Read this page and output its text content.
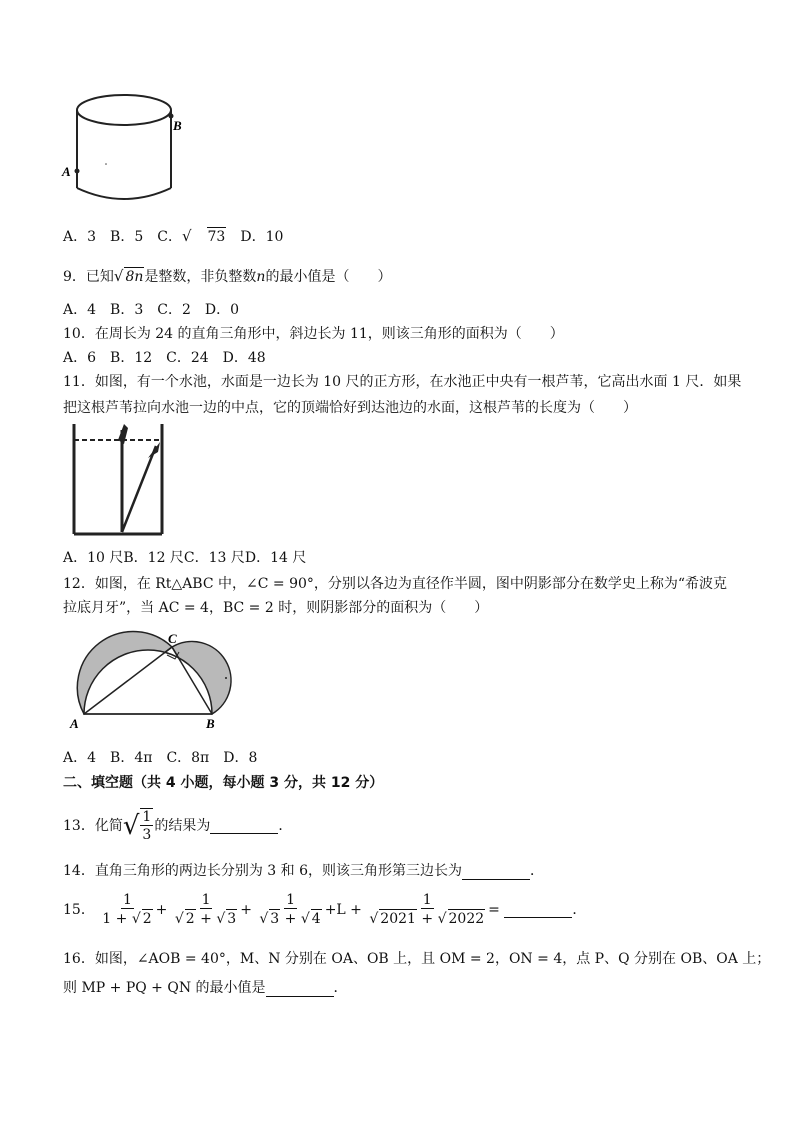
A
B
A．3 B．5 C．√ 73 D．10
9．已知√ 8n是整数，非负整数n的最小值是（　　）
A．4 B．3 C．2 D．0
10．在周长为 24 的直角三角形中，斜边长为 11，则该三角形的面积为（　　）
A．6 B．12 C．24 D．48
11．如图，有一个水池，水面是一边长为 10 尺的正方形，在水池正中央有一根芦苇，它高出水面 1 尺．如果
把这根芦苇拉向水池一边的中点，它的顶端恰好到达池边的水面，这根芦苇的长度为（　　）
A．10 尺B．12 尺C．13 尺D．14 尺
12．如图，在 Rt△ABC 中，∠C = 90°，分别以各边为直径作半圆，图中阴影部分在数学史上称为“希波克
拉底月牙”，当 AC = 4，BC = 2 时，则阴影部分的面积为（　　）
C
A	B
A．4 B．4π C．8π D．8
二、填空题（共 4 小题，每小题 3 分，共 12 分）
13．化简√ $\frac{1}{3}$ 的结果为	．
14．直角三角形的两边长分别为 3 和 6，则该三角形第三边长为	．
15． $\frac{1}{1 + √ 2} + \frac{1}{√ 2 + √ 3} + \frac{1}{√ 3 + √ 4} +L + \frac{1}{√ 2021 + √ 2022}$ =	．
16．如图，∠AOB = 40°，M、N 分别在 OA、OB 上，且 OM = 2，ON = 4，点 P、Q 分别在 OB、OA 上；
则 MP + PQ + QN 的最小值是	．
